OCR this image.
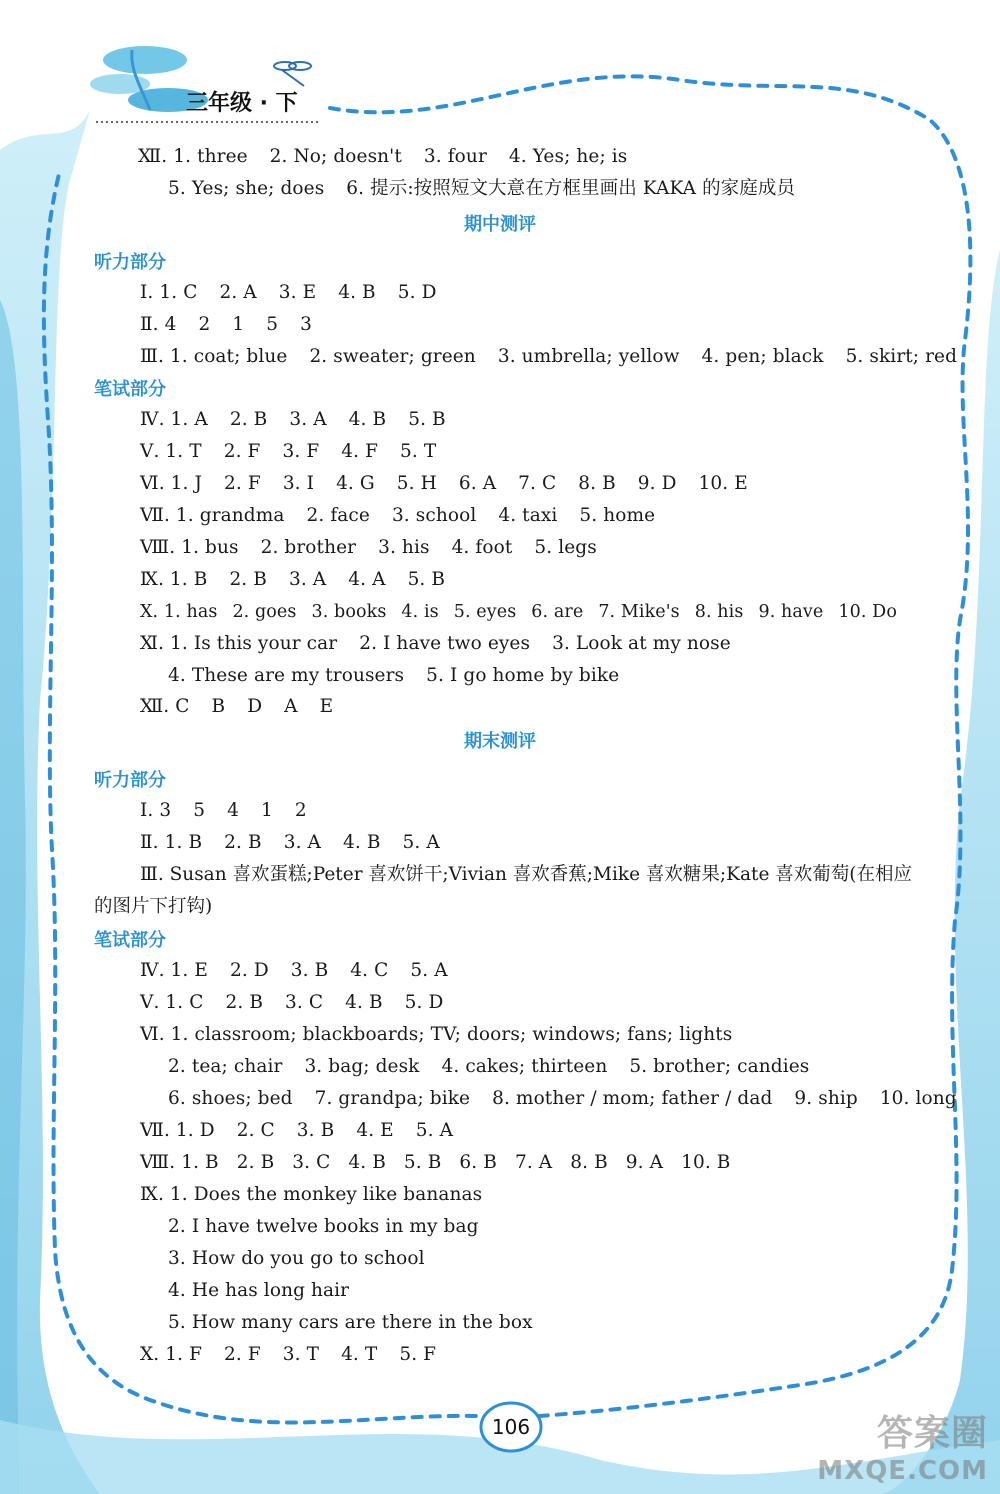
三年级 · 下
Ⅻ. 1. three 2. No; doesn't 3. four 4. Yes; he; is
5. Yes; she; does 6. 提示:按照短文大意在方框里画出 KAKA 的家庭成员
期中测评
听力部分
Ⅰ. 1. C 2. A 3. E 4. B 5. D
Ⅱ. 4 2 1 5 3
Ⅲ. 1. coat; blue 2. sweater; green 3. umbrella; yellow 4. pen; black 5. skirt; red
笔试部分
Ⅳ. 1. A 2. B 3. A 4. B 5. B
Ⅴ. 1. T 2. F 3. F 4. F 5. T
Ⅵ. 1. J 2. F 3. I 4. G 5. H 6. A 7. C 8. B 9. D 10. E
Ⅶ. 1. grandma 2. face 3. school 4. taxi 5. home
Ⅷ. 1. bus 2. brother 3. his 4. foot 5. legs
Ⅸ. 1. B 2. B 3. A 4. A 5. B
Ⅹ. 1. has 2. goes 3. books 4. is 5. eyes 6. are 7. Mike's 8. his 9. have 10. Do
Ⅺ. 1. Is this your car 2. I have two eyes 3. Look at my nose
4. These are my trousers 5. I go home by bike
Ⅻ. C B D A E
期末测评
听力部分
Ⅰ. 3 5 4 1 2
Ⅱ. 1. B 2. B 3. A 4. B 5. A
Ⅲ. Susan 喜欢蛋糕;Peter 喜欢饼干;Vivian 喜欢香蕉;Mike 喜欢糖果;Kate 喜欢葡萄(在相应的图片下打钩)
笔试部分
Ⅳ. 1. E 2. D 3. B 4. C 5. A
Ⅴ. 1. C 2. B 3. C 4. B 5. D
Ⅵ. 1. classroom; blackboards; TV; doors; windows; fans; lights
2. tea; chair 3. bag; desk 4. cakes; thirteen 5. brother; candies
6. shoes; bed 7. grandpa; bike 8. mother / mom; father / dad 9. ship 10. long
Ⅶ. 1. D 2. C 3. B 4. E 5. A
Ⅷ. 1. B 2. B 3. C 4. B 5. B 6. B 7. A 8. B 9. A 10. B
Ⅸ. 1. Does the monkey like bananas
2. I have twelve books in my bag
3. How do you go to school
4. He has long hair
5. How many cars are there in the box
Ⅹ. 1. F 2. F 3. T 4. T 5. F
106	答案圈
MXQE.COM
